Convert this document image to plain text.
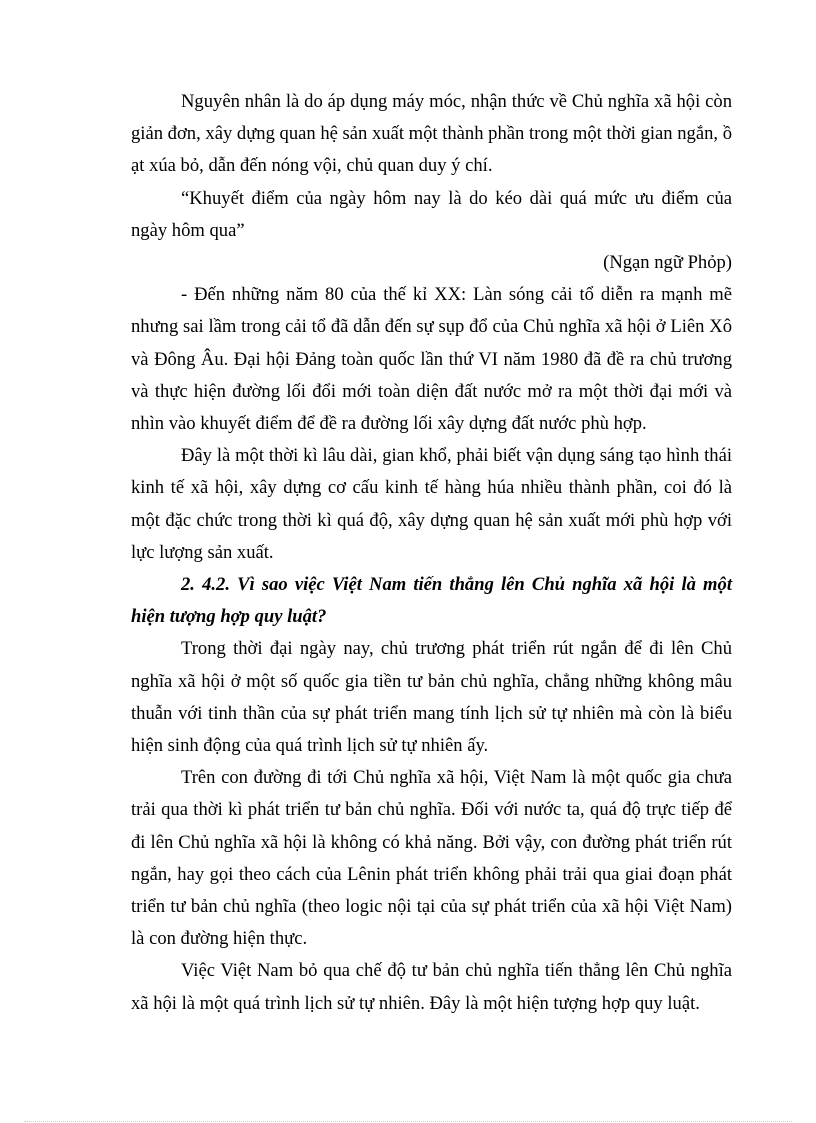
Nguyên nhân là do áp dụng máy móc, nhận thức về Chủ nghĩa xã hội còn giản đơn, xây dựng quan hệ sản xuất một thành phần trong một thời gian ngắn, ồ ạt xúa bỏ, dẫn đến nóng vội, chủ quan duy ý chí.

“Khuyết điểm của ngày hôm nay là do kéo dài quá mức ưu điểm của ngày hôm qua”

(Ngạn ngữ Phỏp)

- Đến những năm 80 của thế kỉ XX: Làn sóng cải tổ diễn ra mạnh mẽ nhưng sai lầm trong cải tổ đã dẫn đến sự sụp đổ của Chủ nghĩa xã hội ở Liên Xô và Đông Âu. Đại hội Đảng toàn quốc lần thứ VI năm 1980 đã đề ra chủ trương và thực hiện đường lối đổi mới toàn diện đất nước mở ra một thời đại mới và nhìn vào khuyết điểm để đề ra đường lối xây dựng đất nước phù hợp.

Đây là một thời kì lâu dài, gian khổ, phải biết vận dụng sáng tạo hình thái kinh tế xã hội, xây dựng cơ cấu kinh tế hàng húa nhiều thành phần, coi đó là một đặc chức trong thời kì quá độ, xây dựng quan hệ sản xuất mới phù hợp với lực lượng sản xuất.

2. 4.2. Vì sao việc Việt Nam tiến thẳng lên Chủ nghĩa xã hội là một hiện tượng hợp quy luật?

Trong thời đại ngày nay, chủ trương phát triển rút ngắn để đi lên Chủ nghĩa xã hội ở một số quốc gia tiền tư bản chủ nghĩa, chẳng những không mâu thuẫn với tinh thần của sự phát triển mang tính lịch sử tự nhiên mà còn là biểu hiện sinh động của quá trình lịch sử tự nhiên ấy.

Trên con đường đi tới Chủ nghĩa xã hội, Việt Nam là một quốc gia chưa trải qua thời kì phát triển tư bản chủ nghĩa. Đối với nước ta, quá độ trực tiếp để đi lên Chủ nghĩa xã hội là không có khả năng. Bởi vậy, con đường phát triển rút ngắn, hay gọi theo cách của Lênin phát triển không phải trải qua giai đoạn phát triển tư bản chủ nghĩa (theo logic nội tại của sự phát triển của xã hội Việt Nam) là con đường hiện thực.

Việc Việt Nam bỏ qua chế độ tư bản chủ nghĩa tiến thẳng lên Chủ nghĩa xã hội là một quá trình lịch sử tự nhiên. Đây là một hiện tượng hợp quy luật.
